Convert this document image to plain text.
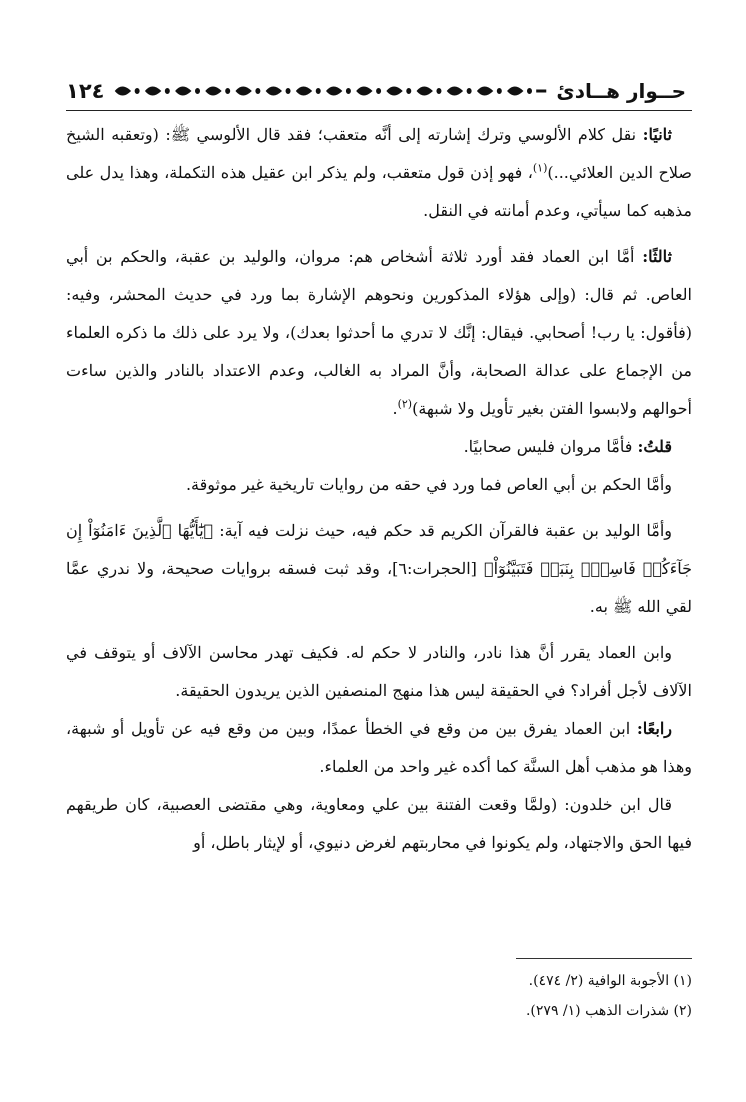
١٢٤	حــوار هــادئ

ثانيًا: نقل كلام الألوسي وترك إشارته إلى أنَّه متعقب؛ فقد قال الألوسي ﷺ: (وتعقبه الشيخ صلاح الدين العلائي...)$^{(١)}$، فهو إذن قول متعقب، ولم يذكر ابن عقيل هذه التكملة، وهذا يدل على مذهبه كما سيأتي، وعدم أمانته في النقل.

ثالثًا: أمَّا ابن العماد فقد أورد ثلاثة أشخاص هم: مروان، والوليد بن عقبة، والحكم بن أبي العاص. ثم قال: (وإلى هؤلاء المذكورين ونحوهم الإشارة بما ورد في حديث المحشر، وفيه: (فأقول: يا رب! أصحابي. فيقال: إنَّك لا تدري ما أحدثوا بعدك)، ولا يرد على ذلك ما ذكره العلماء من الإجماع على عدالة الصحابة، وأنَّ المراد به الغالب، وعدم الاعتداد بالنادر والذين ساءت أحوالهم ولابسوا الفتن بغير تأويل ولا شبهة)$^{(٢)}$.

قلتُ: فأمَّا مروان فليس صحابيًا.

وأمَّا الحكم بن أبي العاص فما ورد في حقه من روايات تاريخية غير موثوقة.

وأمَّا الوليد بن عقبة فالقرآن الكريم قد حكم فيه، حيث نزلت فيه آية: ﴿يَٰٓأَيُّهَا ٱلَّذِينَ ءَامَنُوٓاْ إِن جَآءَكُمۡ فَاسِقُۢ بِنَبَإٖ فَتَبَيَّنُوٓاْ﴾ [الحجرات:٦]، وقد ثبت فسقه بروايات صحيحة، ولا ندري عمَّا لقي الله ﷺ به.

وابن العماد يقرر أنَّ هذا نادر، والنادر لا حكم له. فكيف تهدر محاسن الآلاف أو يتوقف في الآلاف لأجل أفراد؟ في الحقيقة ليس هذا منهج المنصفين الذين يريدون الحقيقة.

رابعًا: ابن العماد يفرق بين من وقع في الخطأ عمدًا، وبين من وقع فيه عن تأويل أو شبهة، وهذا هو مذهب أهل السنَّة كما أكده غير واحد من العلماء.

قال ابن خلدون: (ولمَّا وقعت الفتنة بين علي ومعاوية، وهي مقتضى العصبية، كان طريقهم فيها الحق والاجتهاد، ولم يكونوا في محاربتهم لغرض دنيوي، أو لإيثار باطل، أو

(١) الأجوبة الوافية (٢/ ٤٧٤).

(٢) شذرات الذهب (١/ ٢٧٩).
